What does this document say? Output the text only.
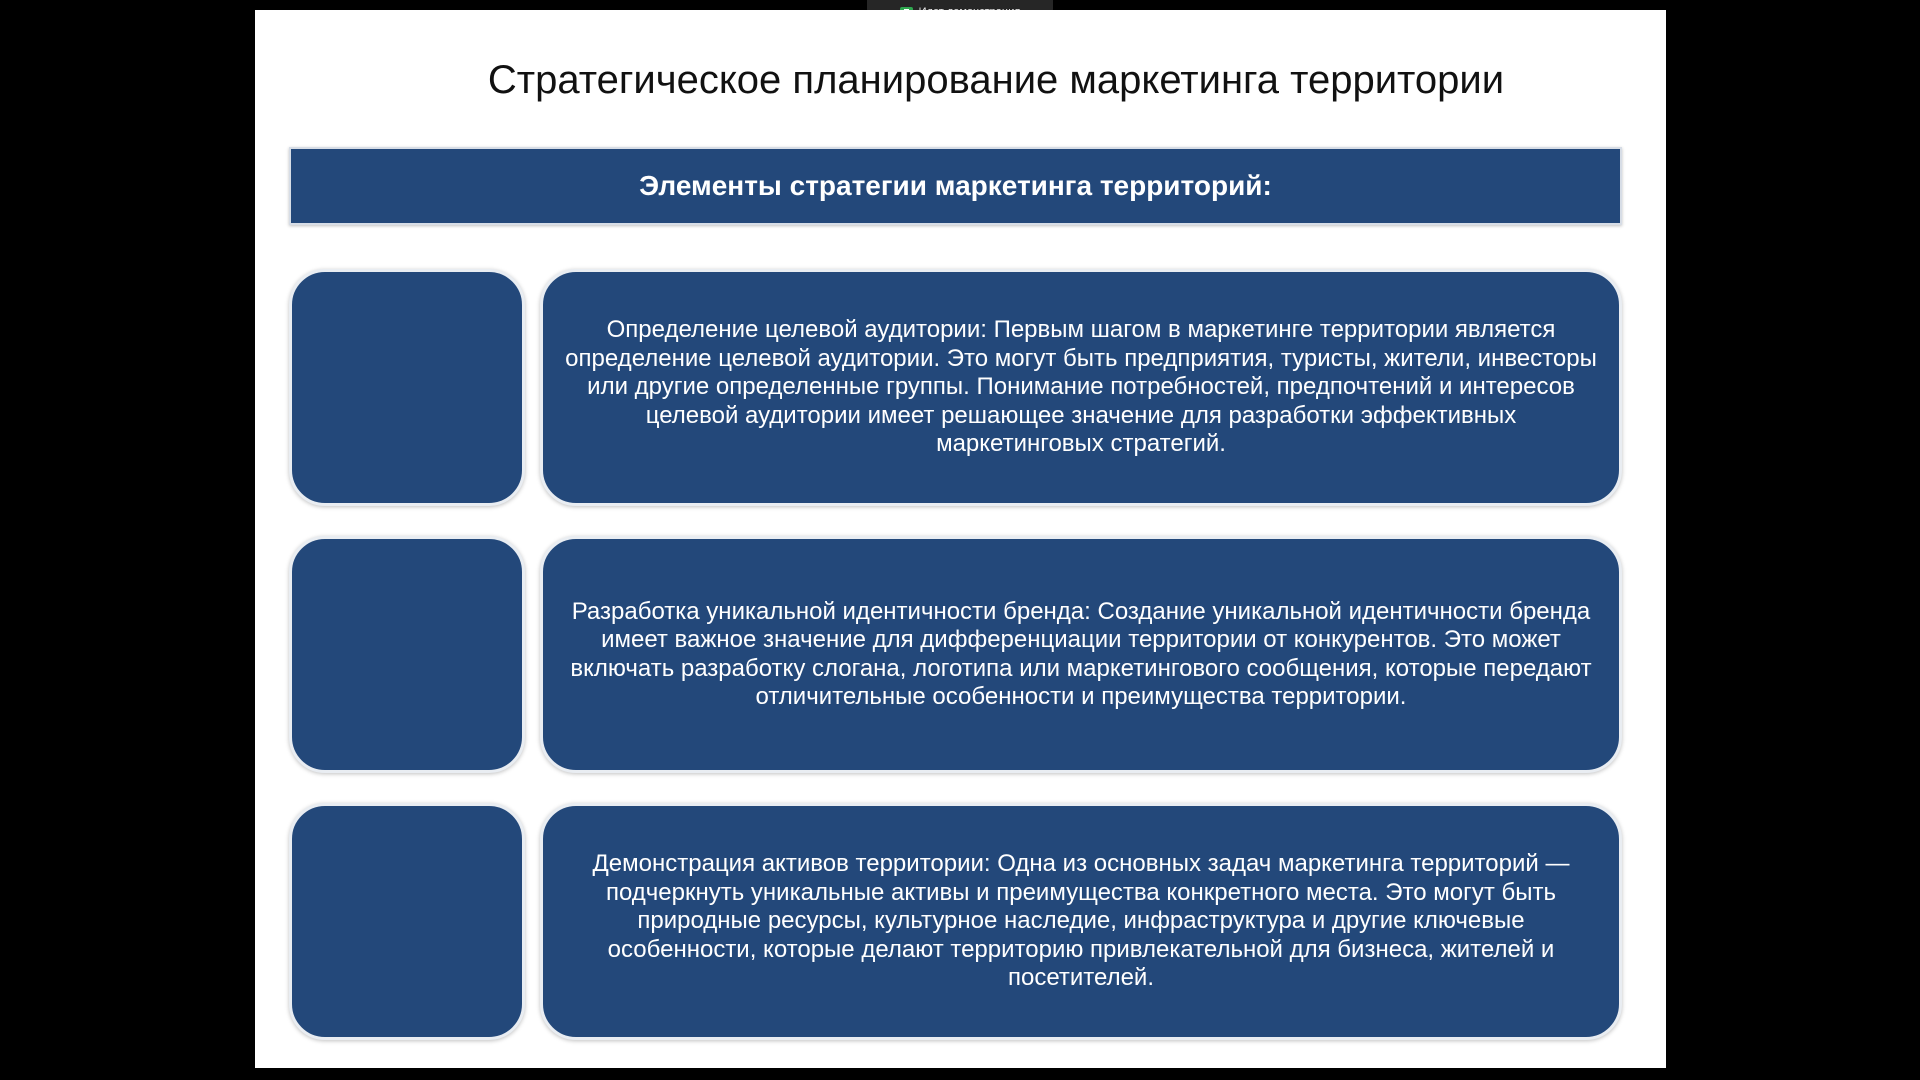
Стратегическое планирование маркетинга территории
Элементы стратегии маркетинга территорий:

Определение целевой аудитории: Первым шагом в маркетинге территории является определение целевой аудитории. Это могут быть предприятия, туристы, жители, инвесторы или другие определенные группы. Понимание потребностей, предпочтений и интересов целевой аудитории имеет решающее значение для разработки эффективных маркетинговых стратегий.

Разработка уникальной идентичности бренда: Создание уникальной идентичности бренда имеет важное значение для дифференциации территории от конкурентов. Это может включать разработку слогана, логотипа или маркетингового сообщения, которые передают отличительные особенности и преимущества территории.

Демонстрация активов территории: Одна из основных задач маркетинга территорий — подчеркнуть уникальные активы и преимущества конкретного места. Это могут быть природные ресурсы, культурное наследие, инфраструктура и другие ключевые особенности, которые делают территорию привлекательной для бизнеса, жителей и посетителей.
